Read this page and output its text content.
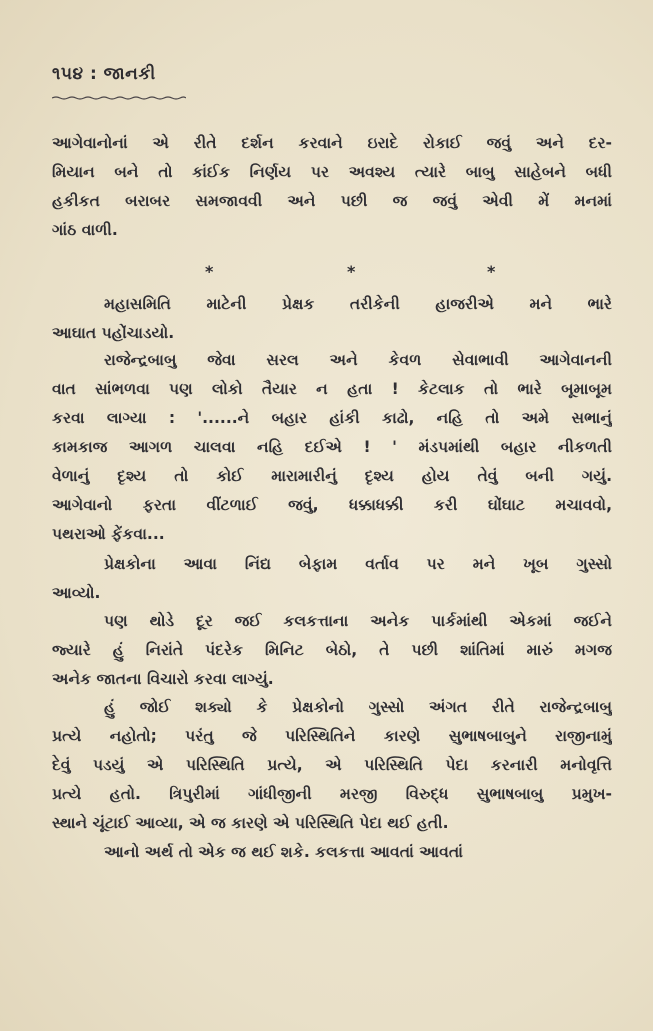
૧૫૪ : જાનકી
આગેવાનોનાં એ રીતે દર્શન કરવાને ઇરાદે રોકાઈ જવું અને દર-
મિયાન બને તો કાંઈક નિર્ણય પર અવશ્ય ત્યારે બાબુ સાહેબને બધી
હકીકત બરાબર સમજાવવી અને પછી જ જવું એવી મેં મનમાં
ગાંઠ વાળી.
*	*	*
મહાસમિતિ માટેની પ્રેક્ષક તરીકેની હાજરીએ મને ભારે
આઘાત પહોંચાડયો.
રાજેન્દ્રબાબુ જેવા સરલ અને કેવળ સેવાભાવી આગેવાનની
વાત સાંભળવા પણ લોકો તૈયાર ન હતા ! કેટલાક તો ભારે બૂમાબૂમ
કરવા લાગ્યા : '......ને બહાર હાંકી કાઢો, નહિ તો અમે સભાનું
કામકાજ આગળ ચાલવા નહિ દઈએ ! ' મંડપમાંથી બહાર નીકળતી
વેળાનું દૃશ્ય તો કોઈ મારામારીનું દૃશ્ય હોય તેવું બની ગયું.
આગેવાનો ફરતા વીંટળાઈ જવું, ધક્કાધક્કી કરી ઘોંઘાટ મચાવવો,
પથરાઓ ફેંકવા...
પ્રેક્ષકોના આવા નિંદ્ય બેફામ વર્તાવ પર મને ખૂબ ગુસ્સો
આવ્યો.
પણ થોડે દૂર જઈ કલકત્તાના અનેક પાર્કમાંથી એકમાં જઈને
જ્યારે હું નિરાંતે પંદરેક મિનિટ બેઠો, તે પછી શાંતિમાં મારું મગજ
અનેક જાતના વિચારો કરવા લાગ્યું.
હું જોઈ શક્યો કે પ્રેક્ષકોનો ગુસ્સો અંગત રીતે રાજેન્દ્રબાબુ
પ્રત્યે નહોતો; પરંતુ જે પરિસ્થિતિને કારણે સુભાષબાબુને રાજીનામું
દેવું પડયું એ પરિસ્થિતિ પ્રત્યે, એ પરિસ્થિતિ પેદા કરનારી મનોવૃત્તિ
પ્રત્યે હતો. ત્રિપુરીમાં ગાંધીજીની મરજી વિરુદ્ધ સુભાષબાબુ પ્રમુખ-
સ્થાને ચૂંટાઈ આવ્યા, એ જ કારણે એ પરિસ્થિતિ પેદા થઈ હતી.
આનો અર્થ તો એક જ થઈ શકે. કલકત્તા આવતાં આવતાં
